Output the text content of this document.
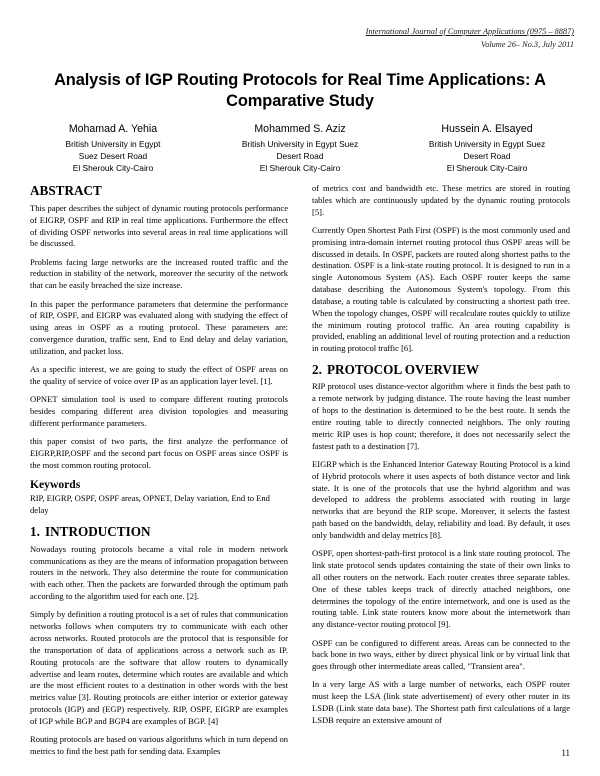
International Journal of Computer Applications (0975 – 8887)
Volume 26– No.3, July 2011
Analysis of IGP Routing Protocols for Real Time Applications: A Comparative Study
Mohamad A. Yehia
British University in Egypt
Suez Desert Road
El Sherouk City-Cairo
Mohammed S. Aziz
British University in Egypt Suez
Desert Road
El Sherouk City-Cairo
Hussein A. Elsayed
British University in Egypt Suez
Desert Road
El Sherouk City-Cairo
ABSTRACT

This paper describes the subject of dynamic routing protocols performance of EIGRP, OSPF and RIP in real time applications. Furthermore the effect of dividing OSPF networks into several areas in real time applications will be discussed.

Problems facing large networks are the increased routed traffic and the reduction in stability of the network, moreover the security of the network that can be easily breached the size increase.

In this paper the performance parameters that determine the performance of RIP, OSPF, and EIGRP was evaluated along with studying the effect of using areas in OSPF as a routing protocol. These parameters are: convergence duration, traffic sent, End to End delay and delay variation, utilization, and packet loss.

As a specific interest, we are going to study the effect of OSPF areas on the quality of service of voice over IP as an application layer level. [1].

OPNET simulation tool is used to compare different routing protocols besides comparing different area division topologies and measuring different performance parameters.

this paper consist of two parts, the first analyze the performance of EIGRP,RIP,OSPF and the second part focus on OSPF areas since OSPF is the most common routing protocol.

Keywords

RIP, EIGRP, OSPF, OSPF areas, OPNET, Delay variation, End to End delay

1. INTRODUCTION

Nowadays routing protocols became a vital role in modern network communications as they are the means of information propagation between routers in the network. They also determine the route for communication with each other. Then the packets are forwarded through the optimum path according to the algorithm used for each one. [2].

Simply by definition a routing protocol is a set of rules that communication networks follows when computers try to communicate with each other across networks. Routed protocols are the protocol that is responsible for the transportation of data of applications across a network such as IP. Routing protocols are the software that allow routers to dynamically advertise and learn routes, determine which routes are available and which are the most efficient routes to a destination in other words with the best metrics value [3]. Routing protocols are either interior or exterior gateway protocols (IGP) and (EGP) respectively. RIP, OSPF, EIGRP are examples of IGP while BGP and BGP4 are examples of BGP. [4]

Routing protocols are based on various algorithms which in turn depend on metrics to find the best path for sending data. Examples

of metrics cost and bandwidth etc. These metrics are stored in routing tables which are continuously updated by the dynamic routing protocols [5].

Currently Open Shortest Path First (OSPF) is the most commonly used and promising intra-domain internet routing protocol thus OSPF areas will be discussed in details. In OSPF, packets are routed along shortest paths to the destination. OSPF is a link-state routing protocol. It is designed to run in a single Autonomous System (AS). Each OSPF router keeps the same database describing the Autonomous System's topology. From this database, a routing table is calculated by constructing a shortest path tree. When the topology changes, OSPF will recalculate routes quickly to utilize the minimum routing protocol traffic. An area routing capability is provided, enabling an additional level of routing protection and a reduction in routing protocol traffic [6].

2. PROTOCOL OVERVIEW

RIP protocol uses distance-vector algorithm where it finds the best path to a remote network by judging distance. The route having the least number of hops to the destination is determined to be the best route. It sends the entire routing table to directly connected neighbors. The only routing metric RIP uses is hop count; therefore, it does not necessarily select the fastest path to a destination [7].

EIGRP which is the Enhanced Interior Gateway Routing Protocol is a kind of Hybrid protocols where it uses aspects of both distance vector and link state. It is one of the protocols that use the hybrid algorithm and was developed to address the problems associated with routing in large networks that are beyond the RIP scope. Moreover, it selects the fastest path based on the bandwidth, delay, reliability and load. By default, it uses only bandwidth and delay metrics [8].

OSPF, open shortest-path-first protocol is a link state routing protocol. The link state protocol sends updates containing the state of their own links to all other routers on the network. Each router creates three separate tables. One of these tables keeps track of directly attached neighbors, one determines the topology of the entire internetwork, and one is used as the routing table. Link state routers know more about the internetwork than any distance-vector routing protocol [9].

OSPF can be configured to different areas. Areas can be connected to the back bone in two ways, either by direct physical link or by virtual link that goes through other intermediate areas called, "Transient area".

In a very large AS with a large number of networks, each OSPF router must keep the LSA (link state advertisement) of every other router in its LSDB (Link state data base). The Shortest path first calculations of a large LSDB require an extensive amount of

11
